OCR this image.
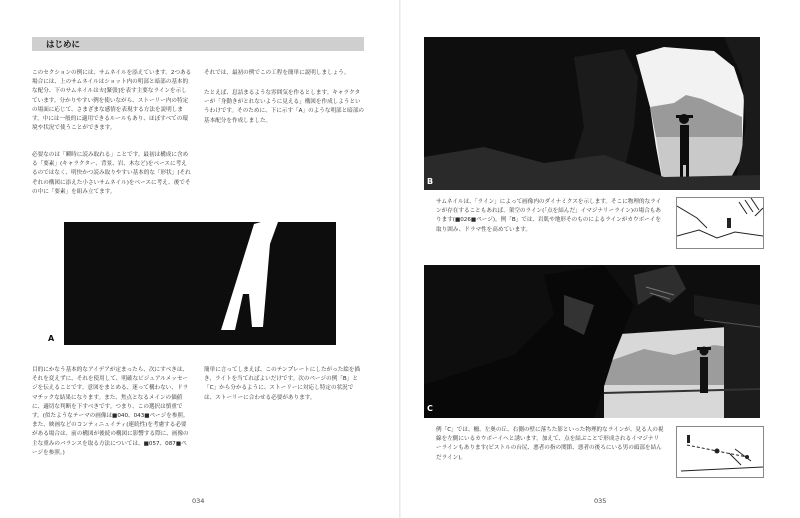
はじめに
このセクションの例には、サムネイルを添えています。2つある場合には、上のサムネイルはショット内の明部と暗部の基本的な配分、下のサムネイルはカ[緊張]を表す主要なラインを示しています。分かりやすい例を使いながら、ストーリー内の特定の場面に応じて、さまざまな感情を表現する方法を説明します。中には一般的に適用できるルールもあり、ほぼすべての環境や状況で使うことができます。
必要なのは「瞬時に読み取れる」ことです。最初は構成に含める「要素」(キャラクター、背景、岩、木など)をベースに考えるのではなく、明快かつ読み取りやすい基本的な「形状」(それぞれの構図に添えた小さいサムネイル)をベースに考え、後でその中に「要素」を組み立てます。
それでは、最初の例でこの工程を簡単に説明しましょう。
たとえば、息詰まるような雰囲気を作るとします。キャラクターが「身動きがとれないように見える」構図を作成しようというわけです。そのために、下に示す「A」のような明部と暗部の基本配分を作成しました。
A
目的にかなう基本的なアイデアが定まったら、次にすべきは、それを変えずに、それを使用して、明確なビジュアルメッセージを伝えることです。意図をまとめる、迷って構わない、ドラマチックな結果になります。また、焦点となるメインの価値に、適切な判断を下すべきです。つまり、この選択は慎重です。(似たようなテーマの画像は■040、043■ページを参照。また、映画などのコンティニュイティ(連続性)を考慮する必要がある場合は、前の構図が後続の構図に影響する際に、画像の主な重みのバランスを取る方法については、■057、087■ページを参照。)
簡単に言ってしまえば、このテンプレートにしたがった絵を描き、ライトを当てればよいだけです。次のページの例「B」と「C」から分かるように、ストーリーに対応し特定の状況では、ストーリーに合わせる必要があります。
034
B
サムネイルは、「ライン」によって画像内のダイナミクスを示します。そこに物理的なラインが存在することもあれば、架空のライン(「点を結んだ」イマジナリーライン)の場合もあります(■026■ページ)。例「B」では、岩肌や地形そのものによるラインがカウボーイを取り囲み、ドラマ性を高めています。
C
例「C」では、柵、左奥の丘、右側の壁に落ちた影といった物理的なラインが、見る人の視線を左側にいるカウボーイへと誘います。加えて、点を結ぶことで形成されるイマジナリーラインもあります(ピストルの台尻、悪者の指の関節、悪者の後ろにいる男の頭部を結んだライン)。
035
